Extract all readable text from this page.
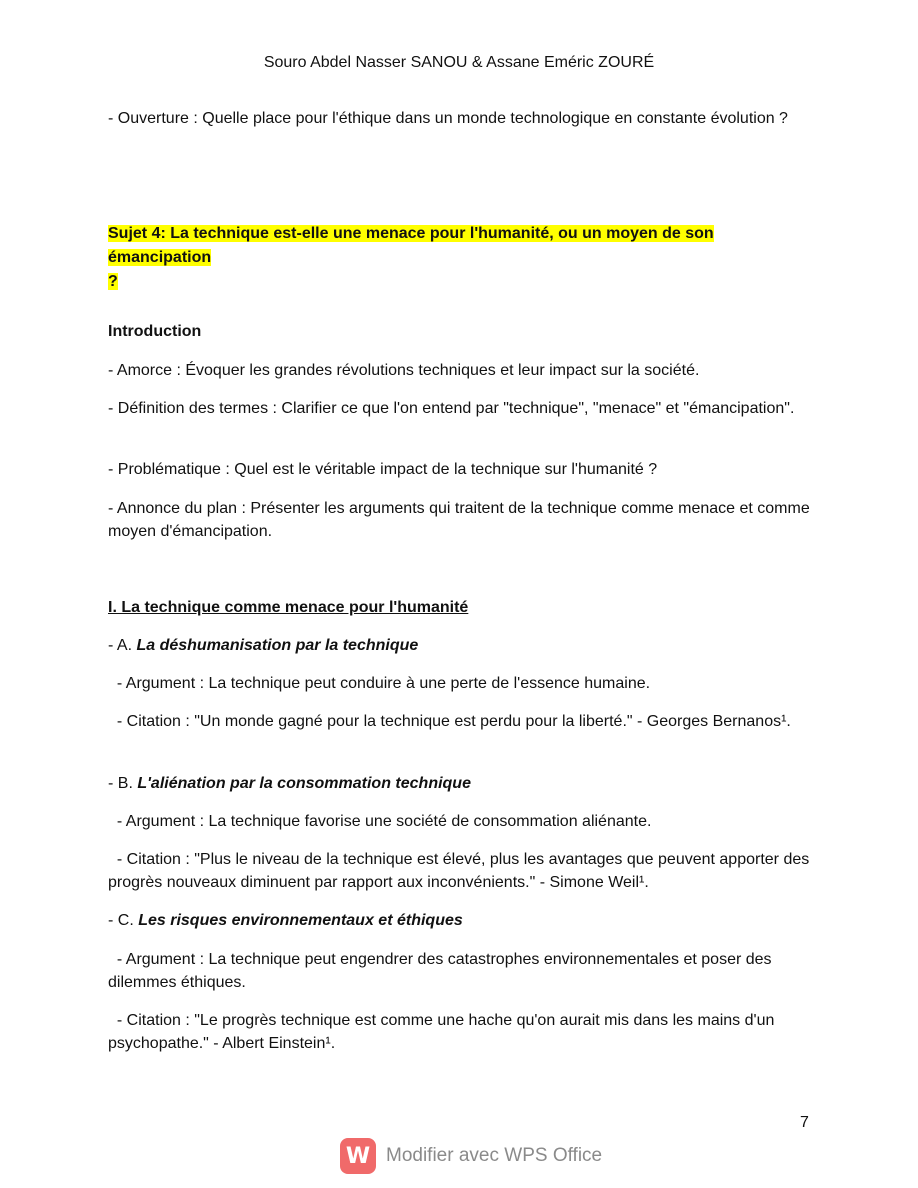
Souro Abdel Nasser SANOU & Assane Eméric ZOURÉ
- Ouverture : Quelle place pour l'éthique dans un monde technologique en constante évolution ?
Sujet 4: La technique est-elle une menace pour l'humanité, ou un moyen de son émancipation
?
Introduction
- Amorce : Évoquer les grandes révolutions techniques et leur impact sur la société.
- Définition des termes : Clarifier ce que l'on entend par "technique", "menace" et "émancipation".
- Problématique : Quel est le véritable impact de la technique sur l'humanité ?
- Annonce du plan : Présenter les arguments qui traitent de la technique comme menace et comme moyen d'émancipation.
I. La technique comme menace pour l'humanité
- A. La déshumanisation par la technique
- Argument : La technique peut conduire à une perte de l'essence humaine.
- Citation : "Un monde gagné pour la technique est perdu pour la liberté." - Georges Bernanos¹.
- B. L'aliénation par la consommation technique
- Argument : La technique favorise une société de consommation aliénante.
- Citation : "Plus le niveau de la technique est élevé, plus les avantages que peuvent apporter des progrès nouveaux diminuent par rapport aux inconvénients." - Simone Weil¹.
- C. Les risques environnementaux et éthiques
- Argument : La technique peut engendrer des catastrophes environnementales et poser des dilemmes éthiques.
- Citation : "Le progrès technique est comme une hache qu'on aurait mis dans les mains d'un psychopathe." - Albert Einstein¹.
7
W Modifier avec WPS Office
